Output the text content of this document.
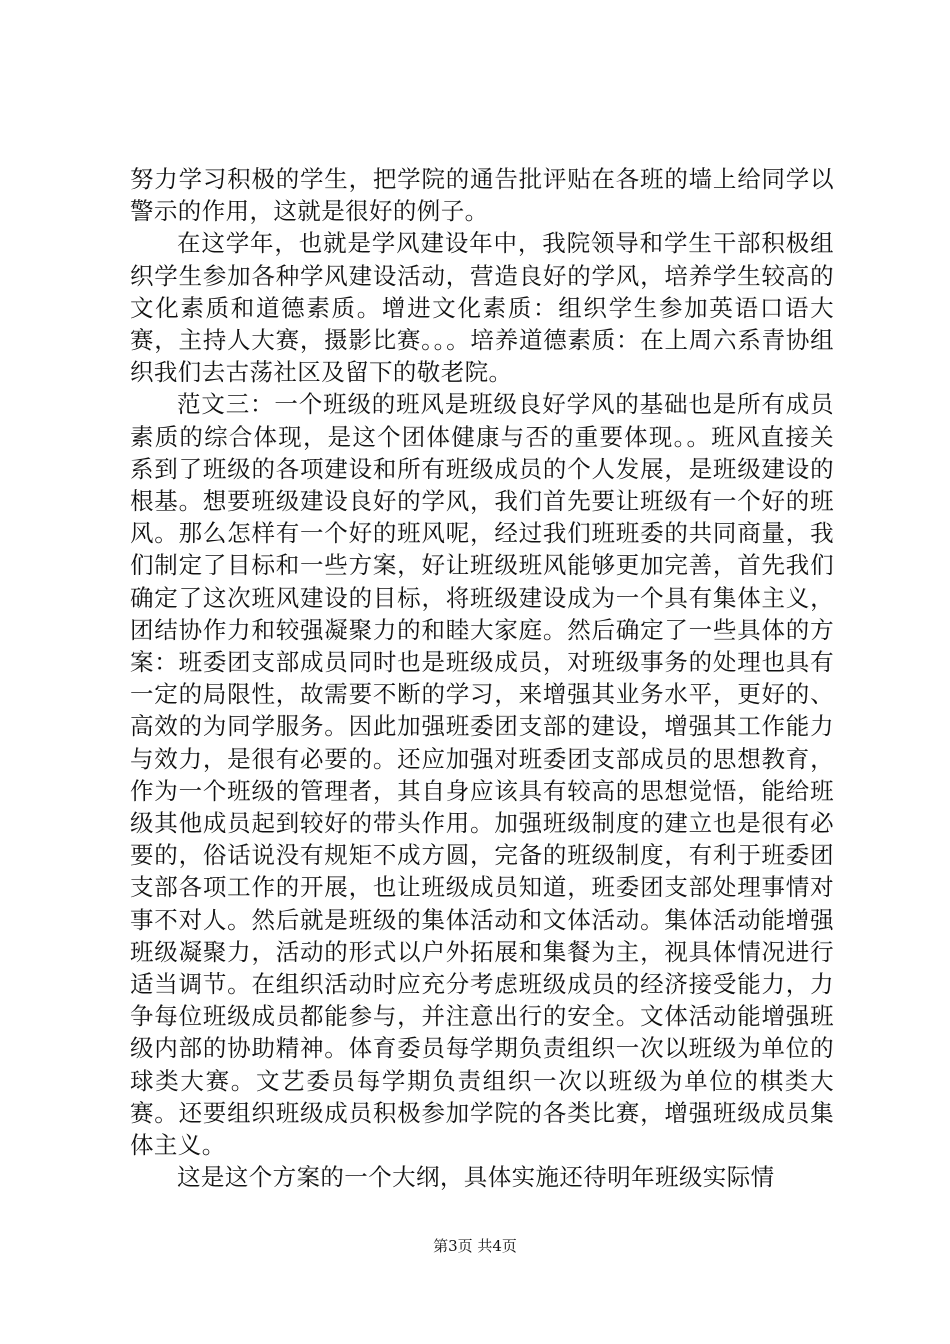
努力学习积极的学生，把学院的通告批评贴在各班的墙上给同学以警示的作用，这就是很好的例子。

在这学年，也就是学风建设年中，我院领导和学生干部积极组织学生参加各种学风建设活动，营造良好的学风，培养学生较高的文化素质和道德素质。增进文化素质：组织学生参加英语口语大赛，主持人大赛，摄影比赛。。。培养道德素质：在上周六系青协组织我们去古荡社区及留下的敬老院。

范文三：一个班级的班风是班级良好学风的基础也是所有成员素质的综合体现，是这个团体健康与否的重要体现。。班风直接关系到了班级的各项建设和所有班级成员的个人发展，是班级建设的根基。想要班级建设良好的学风，我们首先要让班级有一个好的班风。那么怎样有一个好的班风呢，经过我们班班委的共同商量，我们制定了目标和一些方案，好让班级班风能够更加完善，首先我们确定了这次班风建设的目标，将班级建设成为一个具有集体主义，团结协作力和较强凝聚力的和睦大家庭。然后确定了一些具体的方案：班委团支部成员同时也是班级成员，对班级事务的处理也具有一定的局限性，故需要不断的学习，来增强其业务水平，更好的、高效的为同学服务。因此加强班委团支部的建设，增强其工作能力与效力，是很有必要的。还应加强对班委团支部成员的思想教育，作为一个班级的管理者，其自身应该具有较高的思想觉悟，能给班级其他成员起到较好的带头作用。加强班级制度的建立也是很有必要的，俗话说没有规矩不成方圆，完备的班级制度，有利于班委团支部各项工作的开展，也让班级成员知道，班委团支部处理事情对事不对人。然后就是班级的集体活动和文体活动。集体活动能增强班级凝聚力，活动的形式以户外拓展和集餐为主，视具体情况进行适当调节。在组织活动时应充分考虑班级成员的经济接受能力，力争每位班级成员都能参与，并注意出行的安全。文体活动能增强班级内部的协助精神。体育委员每学期负责组织一次以班级为单位的球类大赛。文艺委员每学期负责组织一次以班级为单位的棋类大赛。还要组织班级成员积极参加学院的各类比赛，增强班级成员集体主义。

这是这个方案的一个大纲，具体实施还待明年班级实际情

第3页 共4页
